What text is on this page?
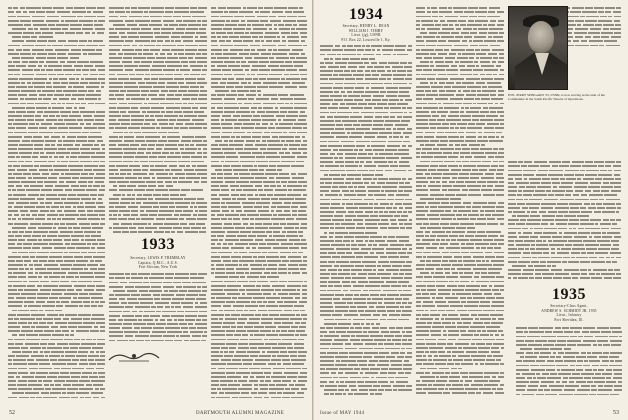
1933
Secretary, LEWIS P. TREMBLAY
Captain, Q.M.C., A.U.S.
Fort Slocum, New York
52	DARTMOUTH ALUMNI MAGAZINE
1934
Secretary, HENRY L. DEAN
WILLIAM I. TIMBY
Lieut. (jg), USNR
P.O. Box 22, Louisville 1, Ky.
1935
Secretary-Class Agent,
ANDREW S. SCHMIDT JR. 1935
Lieut., Infantry
Fort Sheridan, Ill.
53
Issue of MAY 1944
ENS. JERRY SPINGARN '33, USNR, is now serving as the aide of the Commander in the South Pacific Theatre of Operations.
